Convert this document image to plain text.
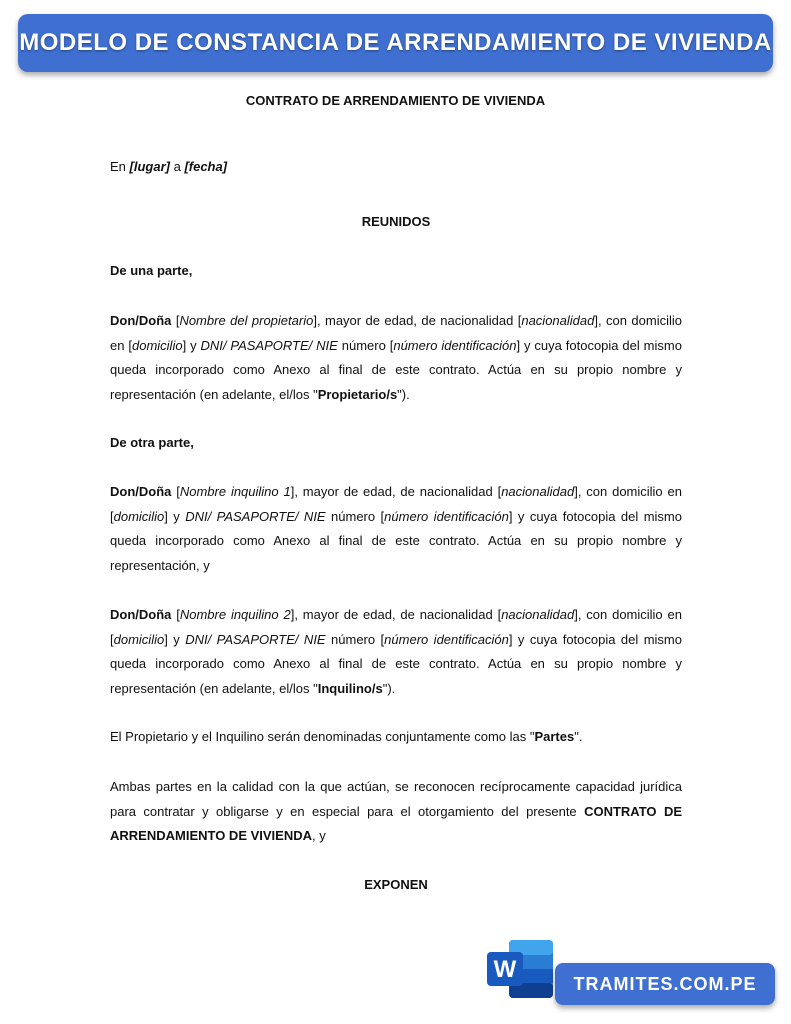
MODELO DE CONSTANCIA DE ARRENDAMIENTO DE VIVIENDA
CONTRATO DE ARRENDAMIENTO DE VIVIENDA

En [lugar] a [fecha]

REUNIDOS

De una parte,

Don/Doña [Nombre del propietario], mayor de edad, de nacionalidad [nacionalidad], con domicilio en [domicilio] y DNI/ PASAPORTE/ NIE número [número identificación] y cuya fotocopia del mismo queda incorporado como Anexo al final de este contrato. Actúa en su propio nombre y representación (en adelante, el/los "Propietario/s").

De otra parte,

Don/Doña [Nombre inquilino 1], mayor de edad, de nacionalidad [nacionalidad], con domicilio en [domicilio] y DNI/ PASAPORTE/ NIE número [número identificación] y cuya fotocopia del mismo queda incorporado como Anexo al final de este contrato. Actúa en su propio nombre y representación, y

Don/Doña [Nombre inquilino 2], mayor de edad, de nacionalidad [nacionalidad], con domicilio en [domicilio] y DNI/ PASAPORTE/ NIE número [número identificación] y cuya fotocopia del mismo queda incorporado como Anexo al final de este contrato. Actúa en su propio nombre y representación (en adelante, el/los "Inquilino/s").

El Propietario y el Inquilino serán denominadas conjuntamente como las "Partes".

Ambas partes en la calidad con la que actúan, se reconocen recíprocamente capacidad jurídica para contratar y obligarse y en especial para el otorgamiento del presente CONTRATO DE ARRENDAMIENTO DE VIVIENDA, y

EXPONEN

W
TRAMITES.COM.PE
